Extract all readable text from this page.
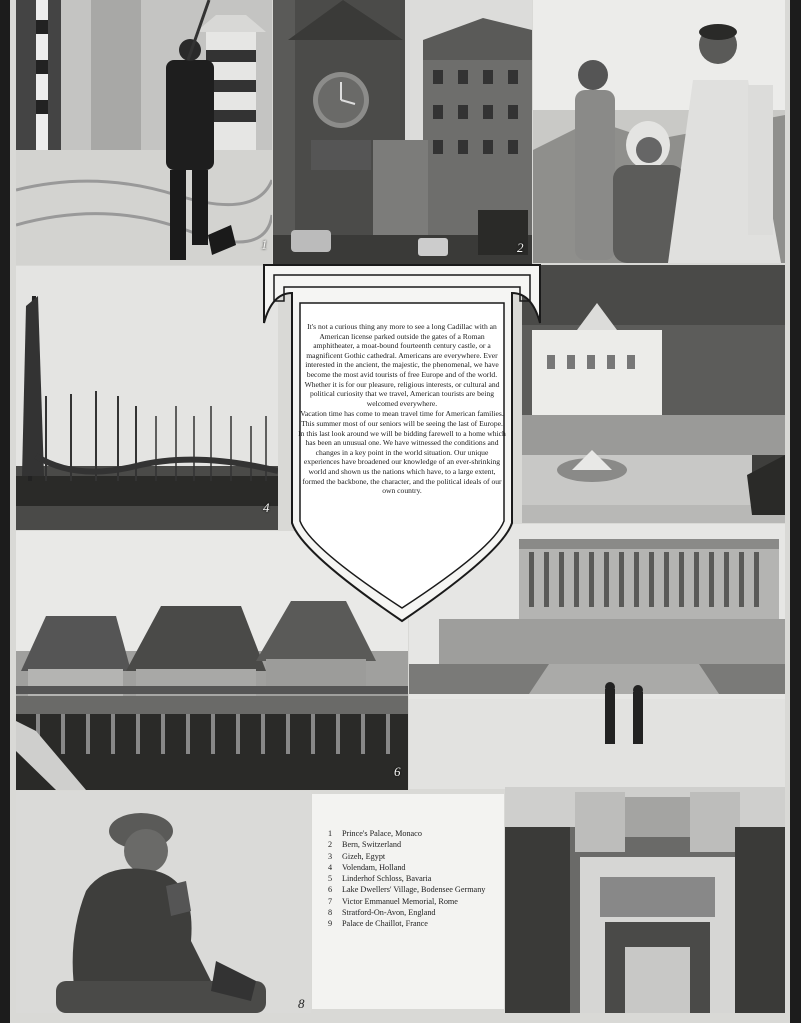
1	2
4
6
8
1 Prince's Palace, Monaco
2 Bern, Switzerland
3 Gizeh, Egypt
4 Volendam, Holland
5 Linderhof Schloss, Bavaria
6 Lake Dwellers' Village, Bodensee Germany
7 Victor Emmanuel Memorial, Rome
8 Stratford-On-Avon, England
9 Palace de Chaillot, France

It's not a curious thing any more to see a long Cadillac with an American license parked outside the gates of a Roman amphitheater, a moat-bound fourteenth century castle, or a magnificent Gothic cathedral. Americans are everywhere. Ever interested in the ancient, the majestic, the phenomenal, we have become the most avid tourists of free Europe and of the world. Whether it is for our pleasure, religious interests, or cultural and political curiosity that we travel, American tourists are being welcomed everywhere.

Vacation time has come to mean travel time for American families. This summer most of our seniors will be seeing the last of Europe. In this last look around we will be bidding farewell to a home which has been an unusual one. We have witnessed the conditions and changes in a key point in the world situation. Our unique experiences have broadened our knowledge of an ever-shrinking world and shown us the nations which have, to a large extent, formed the backbone, the character, and the political ideals of our own country.
